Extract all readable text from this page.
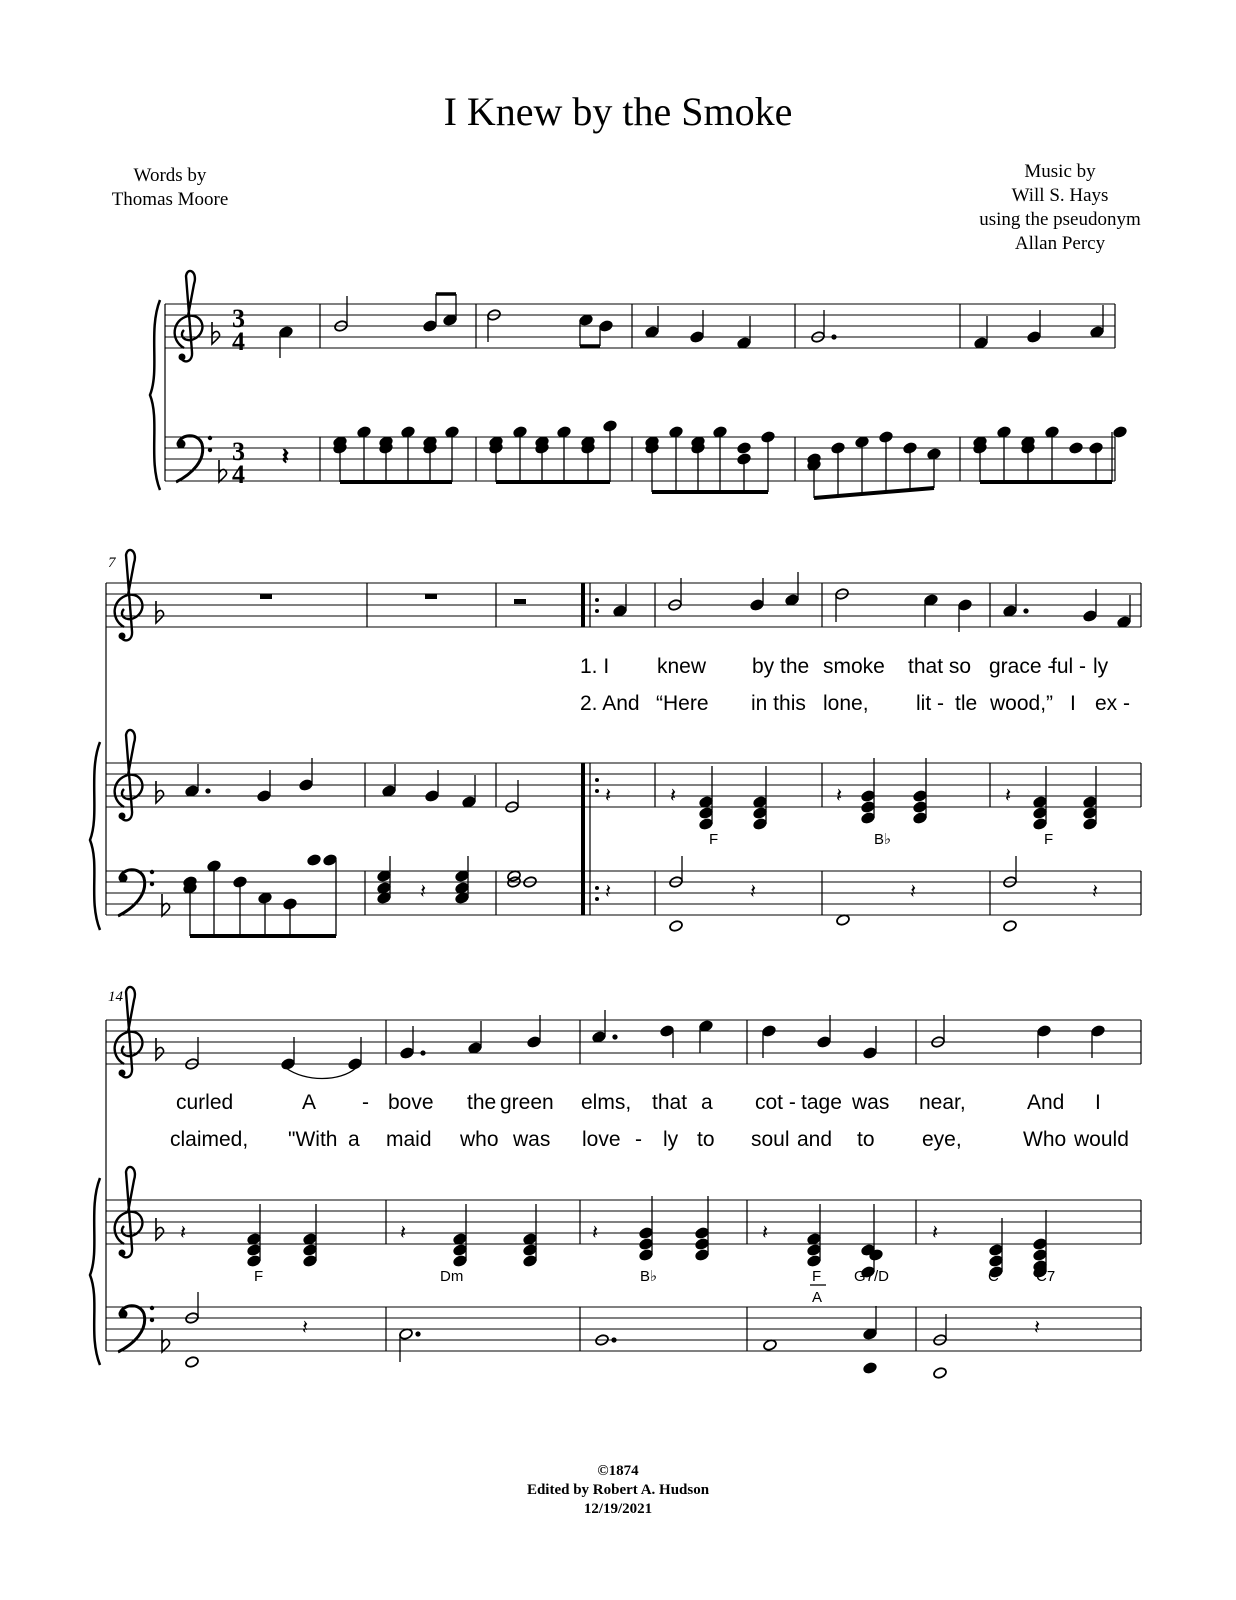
I Knew by the Smoke
Words by
Thomas Moore
Music by
Will S. Hays
using the pseudonym
Allan Percy
3
4
3
4
𝄽
7
1. I knew by the smoke that so grace -
ful - ly
2. And “Here in this lone, lit - tle wood,” I ex -
𝄽	𝄽	𝄽	𝄽
F	B♭	F
𝄽	𝄽	𝄽	𝄽	𝄽
14
curled	A - bove the green elms, that a cot - tage was near,	And I
claimed, "With a maid who was love - ly to soul and to eye,	Who would
𝄽	𝄽	𝄽	𝄽	𝄽
F	Dm	B♭	F
A
G7/D	C C7
𝄽	𝄽
©1874
Edited by Robert A. Hudson
12/19/2021
